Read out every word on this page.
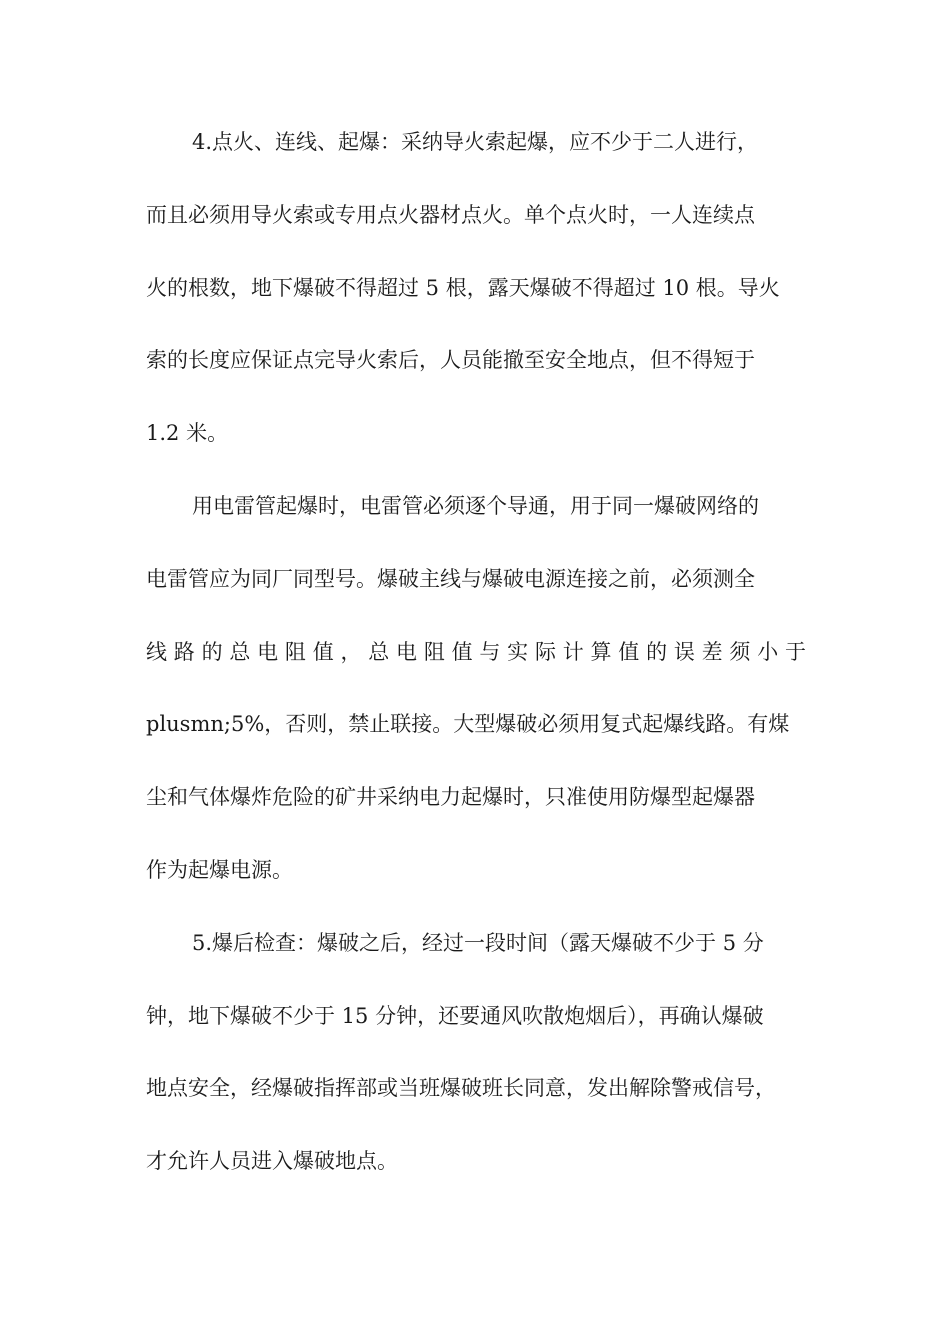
4.点火、连线、起爆：采纳导火索起爆，应不少于二人进行，
而且必须用导火索或专用点火器材点火。单个点火时，一人连续点
火的根数，地下爆破不得超过 5 根，露天爆破不得超过 10 根。导火
索的长度应保证点完导火索后，人员能撤至安全地点，但不得短于
1.2 米。
用电雷管起爆时，电雷管必须逐个导通，用于同一爆破网络的
电雷管应为同厂同型号。爆破主线与爆破电源连接之前，必须测全
线路的总电阻值，总电阻值与实际计算值的误差须小于
plusmn;5%，否则，禁止联接。大型爆破必须用复式起爆线路。有煤
尘和气体爆炸危险的矿井采纳电力起爆时，只准使用防爆型起爆器
作为起爆电源。
5.爆后检查：爆破之后，经过一段时间（露天爆破不少于 5 分
钟，地下爆破不少于 15 分钟，还要通风吹散炮烟后），再确认爆破
地点安全，经爆破指挥部或当班爆破班长同意，发出解除警戒信号，
才允许人员进入爆破地点。
